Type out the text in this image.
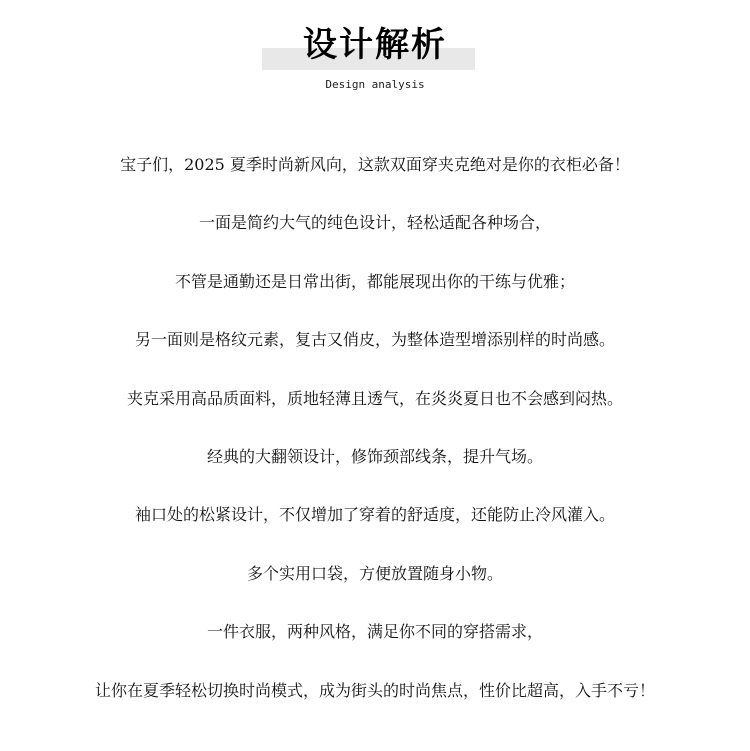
设计解析
Design analysis
宝子们，2025 夏季时尚新风向，这款双面穿夹克绝对是你的衣柜必备！
一面是简约大气的纯色设计，轻松适配各种场合，
不管是通勤还是日常出街，都能展现出你的干练与优雅；
另一面则是格纹元素，复古又俏皮，为整体造型增添别样的时尚感。
夹克采用高品质面料，质地轻薄且透气，在炎炎夏日也不会感到闷热。
经典的大翻领设计，修饰颈部线条，提升气场。
袖口处的松紧设计，不仅增加了穿着的舒适度，还能防止冷风灌入。
多个实用口袋，方便放置随身小物。
一件衣服，两种风格，满足你不同的穿搭需求，
让你在夏季轻松切换时尚模式，成为街头的时尚焦点，性价比超高，入手不亏！
